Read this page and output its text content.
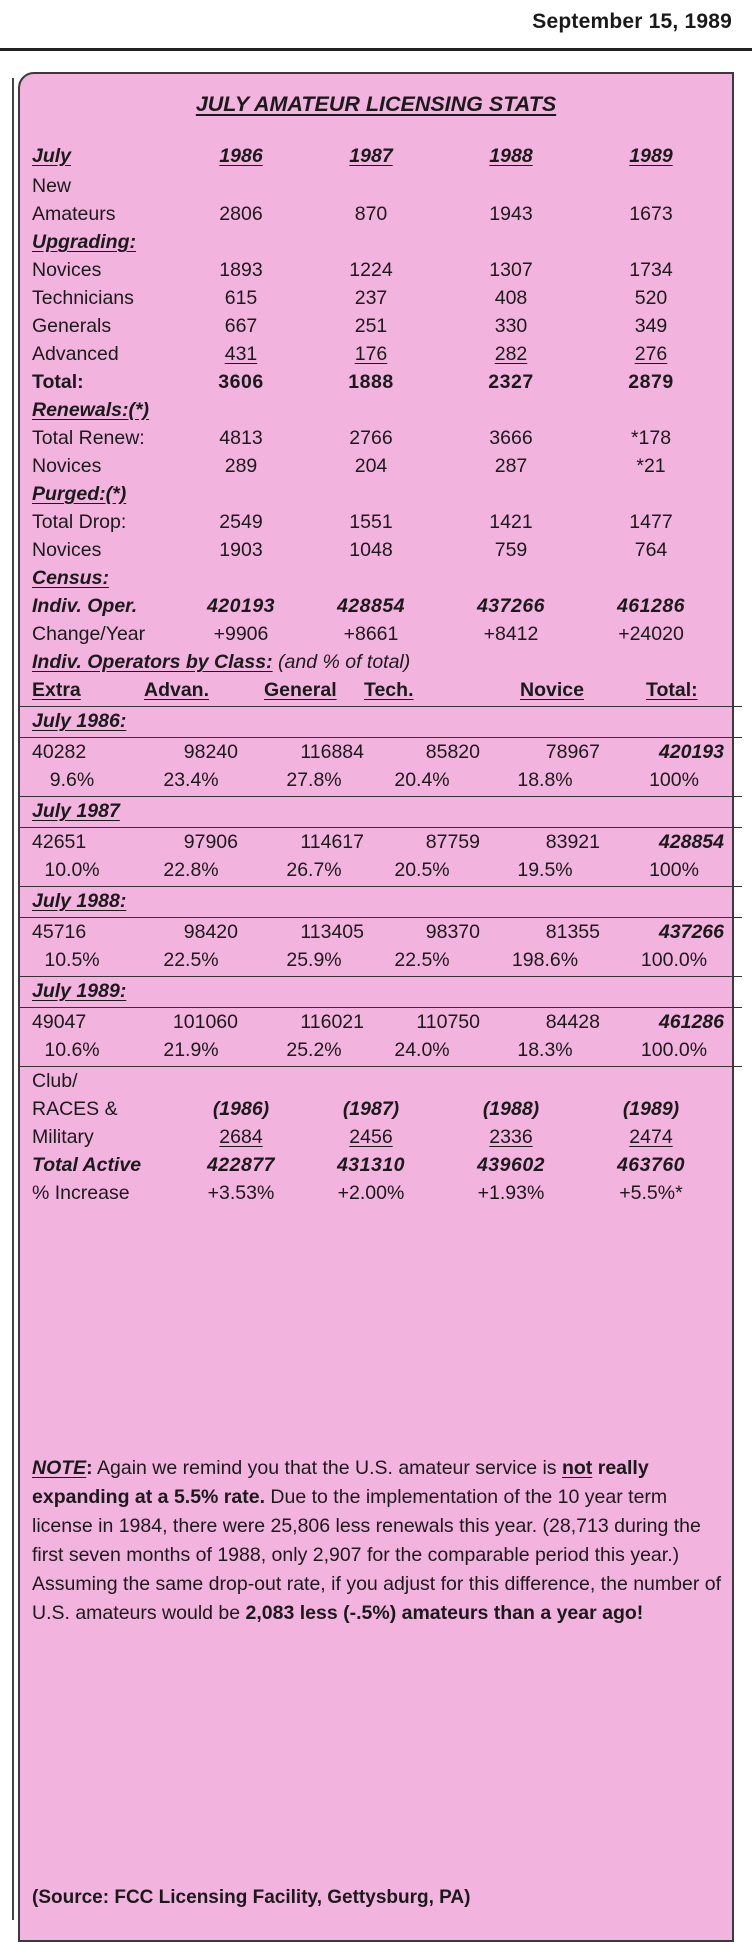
September 15, 1989
JULY AMATEUR LICENSING STATS
July	1986	1987	1988	1989
New
Amateurs	2806	870	1943	1673
Upgrading:
Novices	1893	1224	1307	1734
Technicians	615	237	408	520
Generals	667	251	330	349
Advanced	431	176	282	276
Total:	3606	1888	2327	2879
Renewals:(*)
Total Renew:	4813	2766	3666	*178
Novices	289	204	287	*21
Purged:(*)
Total Drop:	2549	1551	1421	1477
Novices	1903	1048	759	764
Census:
Indiv. Oper.	420193	428854	437266	461286
Change/Year	+9906	+8661	+8412	+24020
Indiv. Operators by Class: (and % of total)
Extra	Advan.	General Tech.	Novice	Total:
July 1986:
40282	98240	116884	85820	78967	420193
9.6%	23.4%	27.8%	20.4%	18.8%	100%
July 1987
42651	97906	114617	87759	83921	428854
10.0%	22.8%	26.7%	20.5%	19.5%	100%
July 1988:
45716	98420	113405	98370	81355	437266
10.5%	22.5%	25.9%	22.5%	198.6%	100.0%
July 1989:
49047	101060	116021	110750	84428	461286
10.6%	21.9%	25.2%	24.0%	18.3%	100.0%
Club/
RACES &	(1986)	(1987)	(1988)	(1989)
Military	2684	2456	2336	2474
Total Active	422877	431310	439602	463760
% Increase	+3.53%	+2.00%	+1.93%	+5.5%*
NOTE: Again we remind you that the U.S. amateur service is not really expanding at a 5.5% rate. Due to the implementation of the 10 year term license in 1984, there were 25,806 less renewals this year. (28,713 during the first seven months of 1988, only 2,907 for the comparable period this year.) Assuming the same drop-out rate, if you adjust for this difference, the number of U.S. amateurs would be 2,083 less (-.5%) amateurs than a year ago!
(Source: FCC Licensing Facility, Gettysburg, PA)
